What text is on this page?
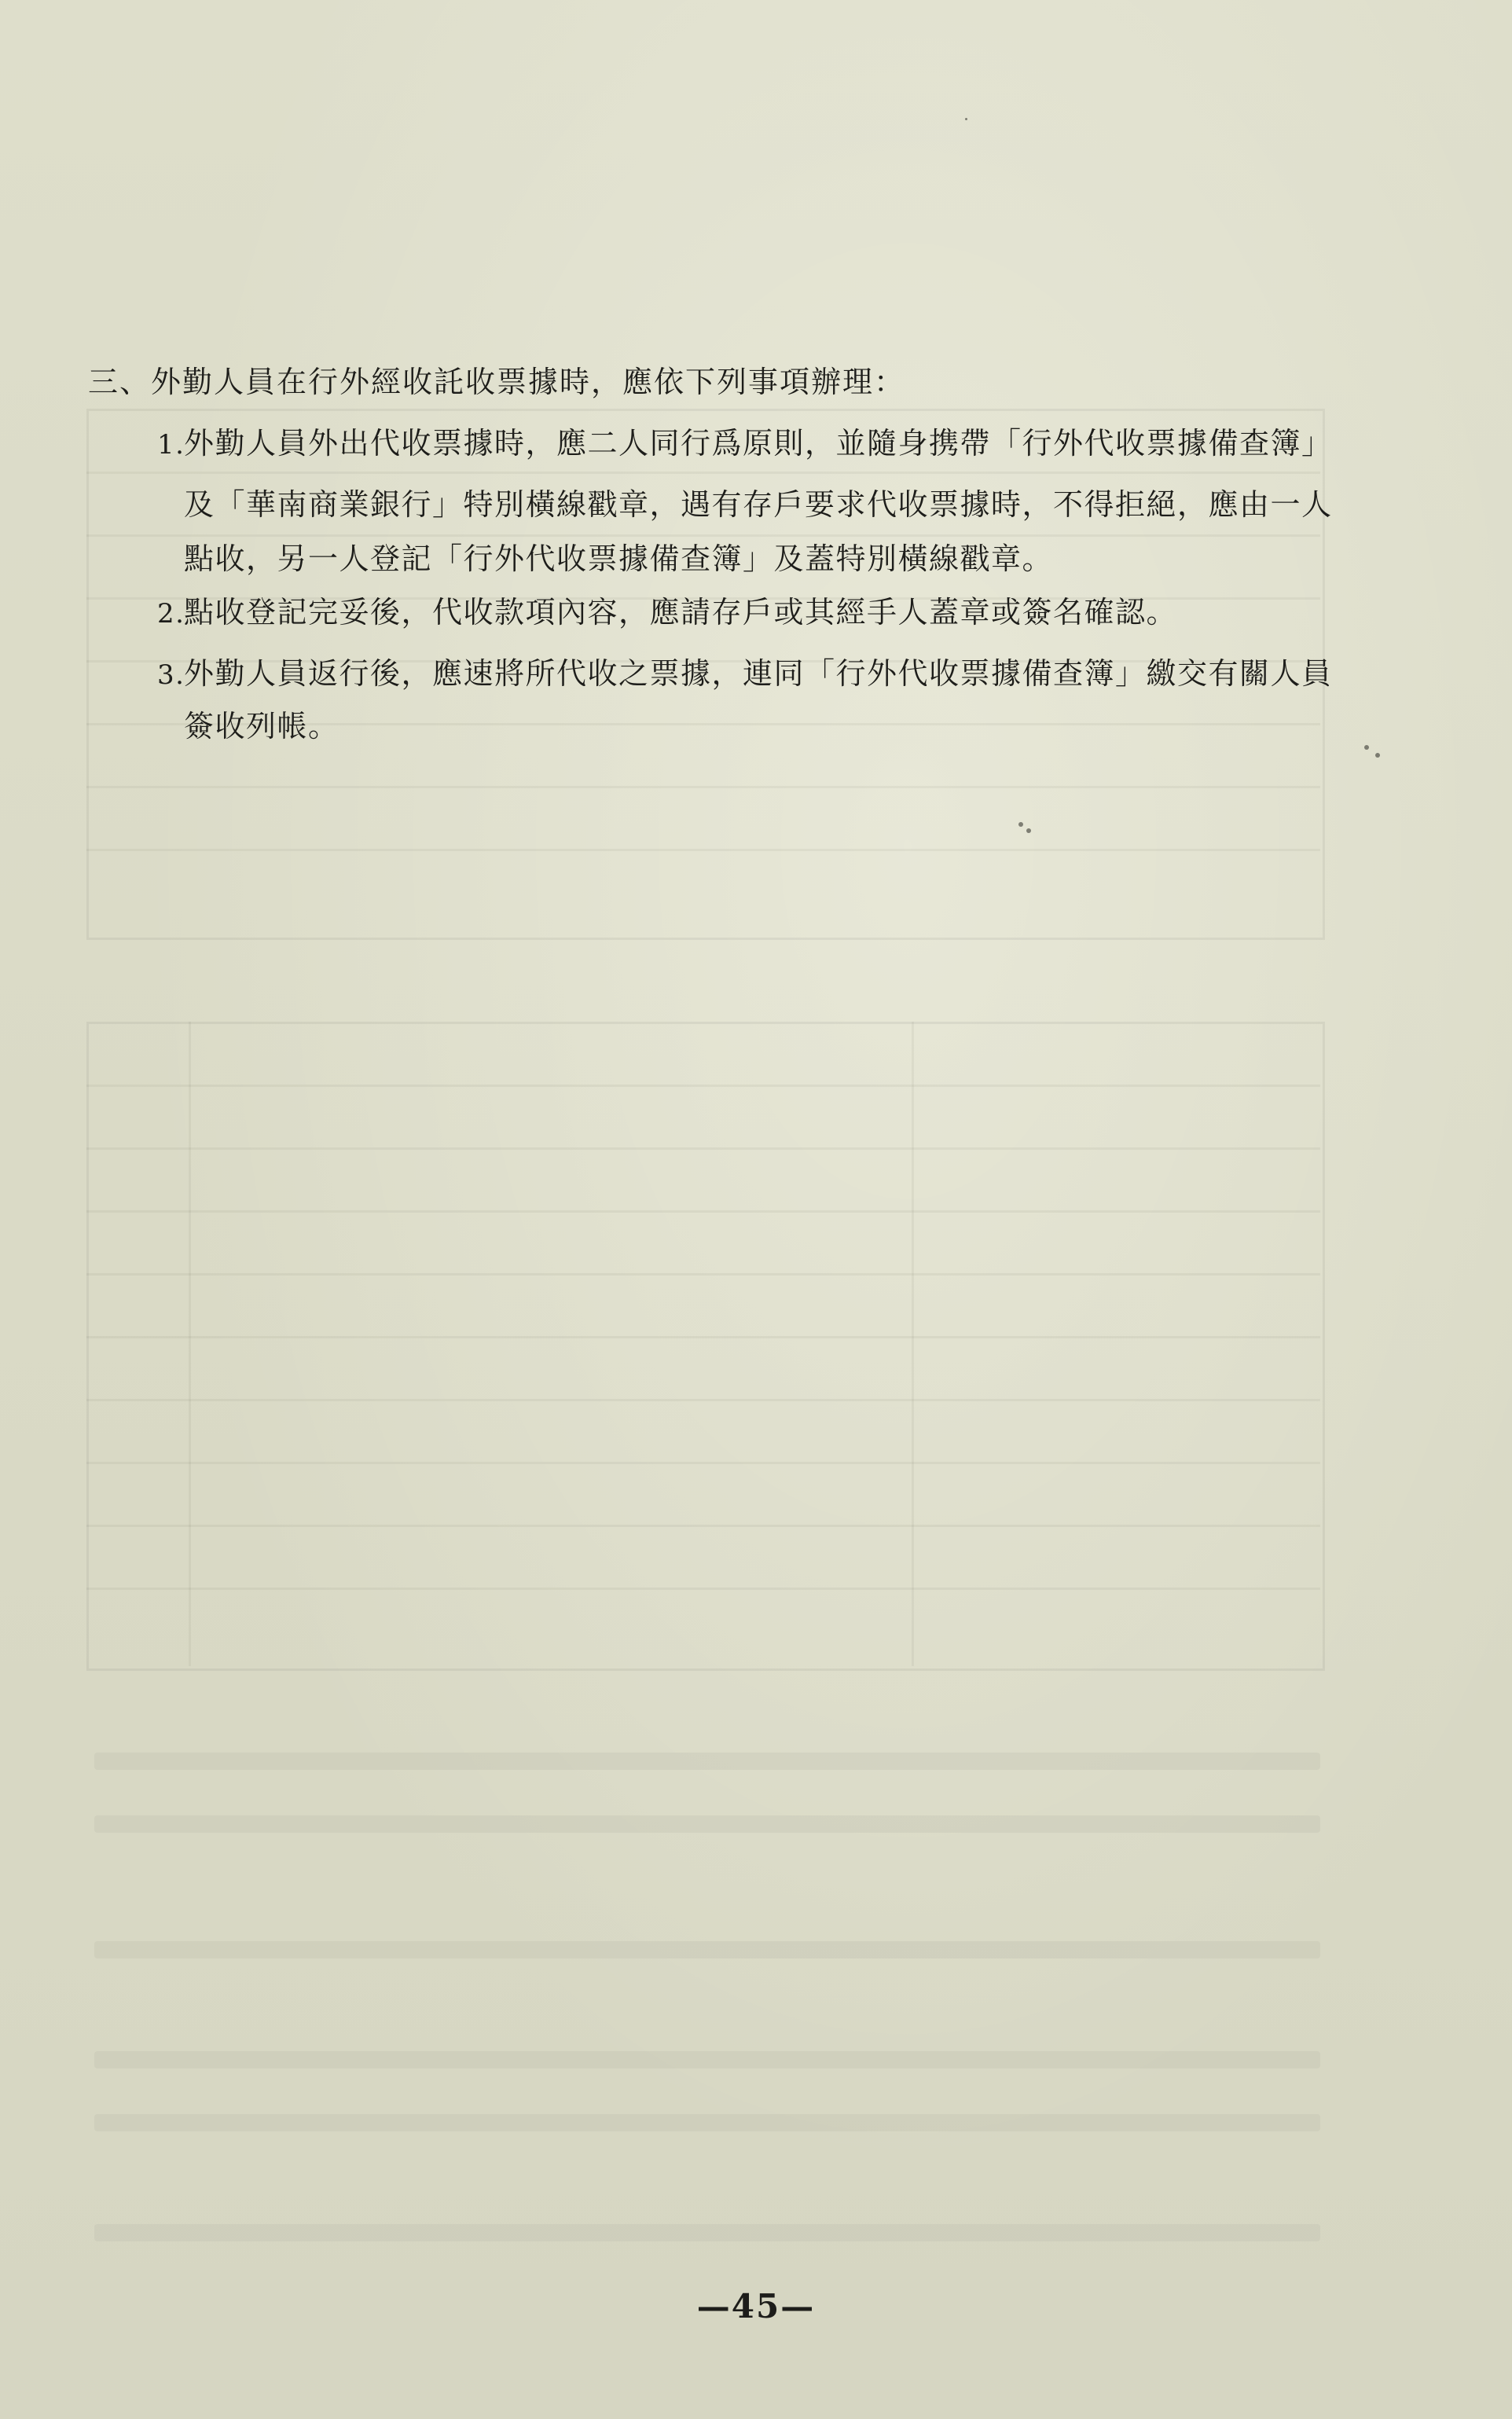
三、外勤人員在行外經收託收票據時，應依下列事項辦理：
1.外勤人員外出代收票據時，應二人同行爲原則，並隨身携帶「行外代收票據備查簿」
及「華南商業銀行」特別橫線戳章，遇有存戶要求代收票據時，不得拒絕，應由一人
點收，另一人登記「行外代收票據備查簿」及蓋特別橫線戳章。
2.點收登記完妥後，代收款項內容，應請存戶或其經手人蓋章或簽名確認。
3.外勤人員返行後，應速將所代收之票據，連同「行外代收票據備查簿」繳交有關人員
簽收列帳。
—45—
